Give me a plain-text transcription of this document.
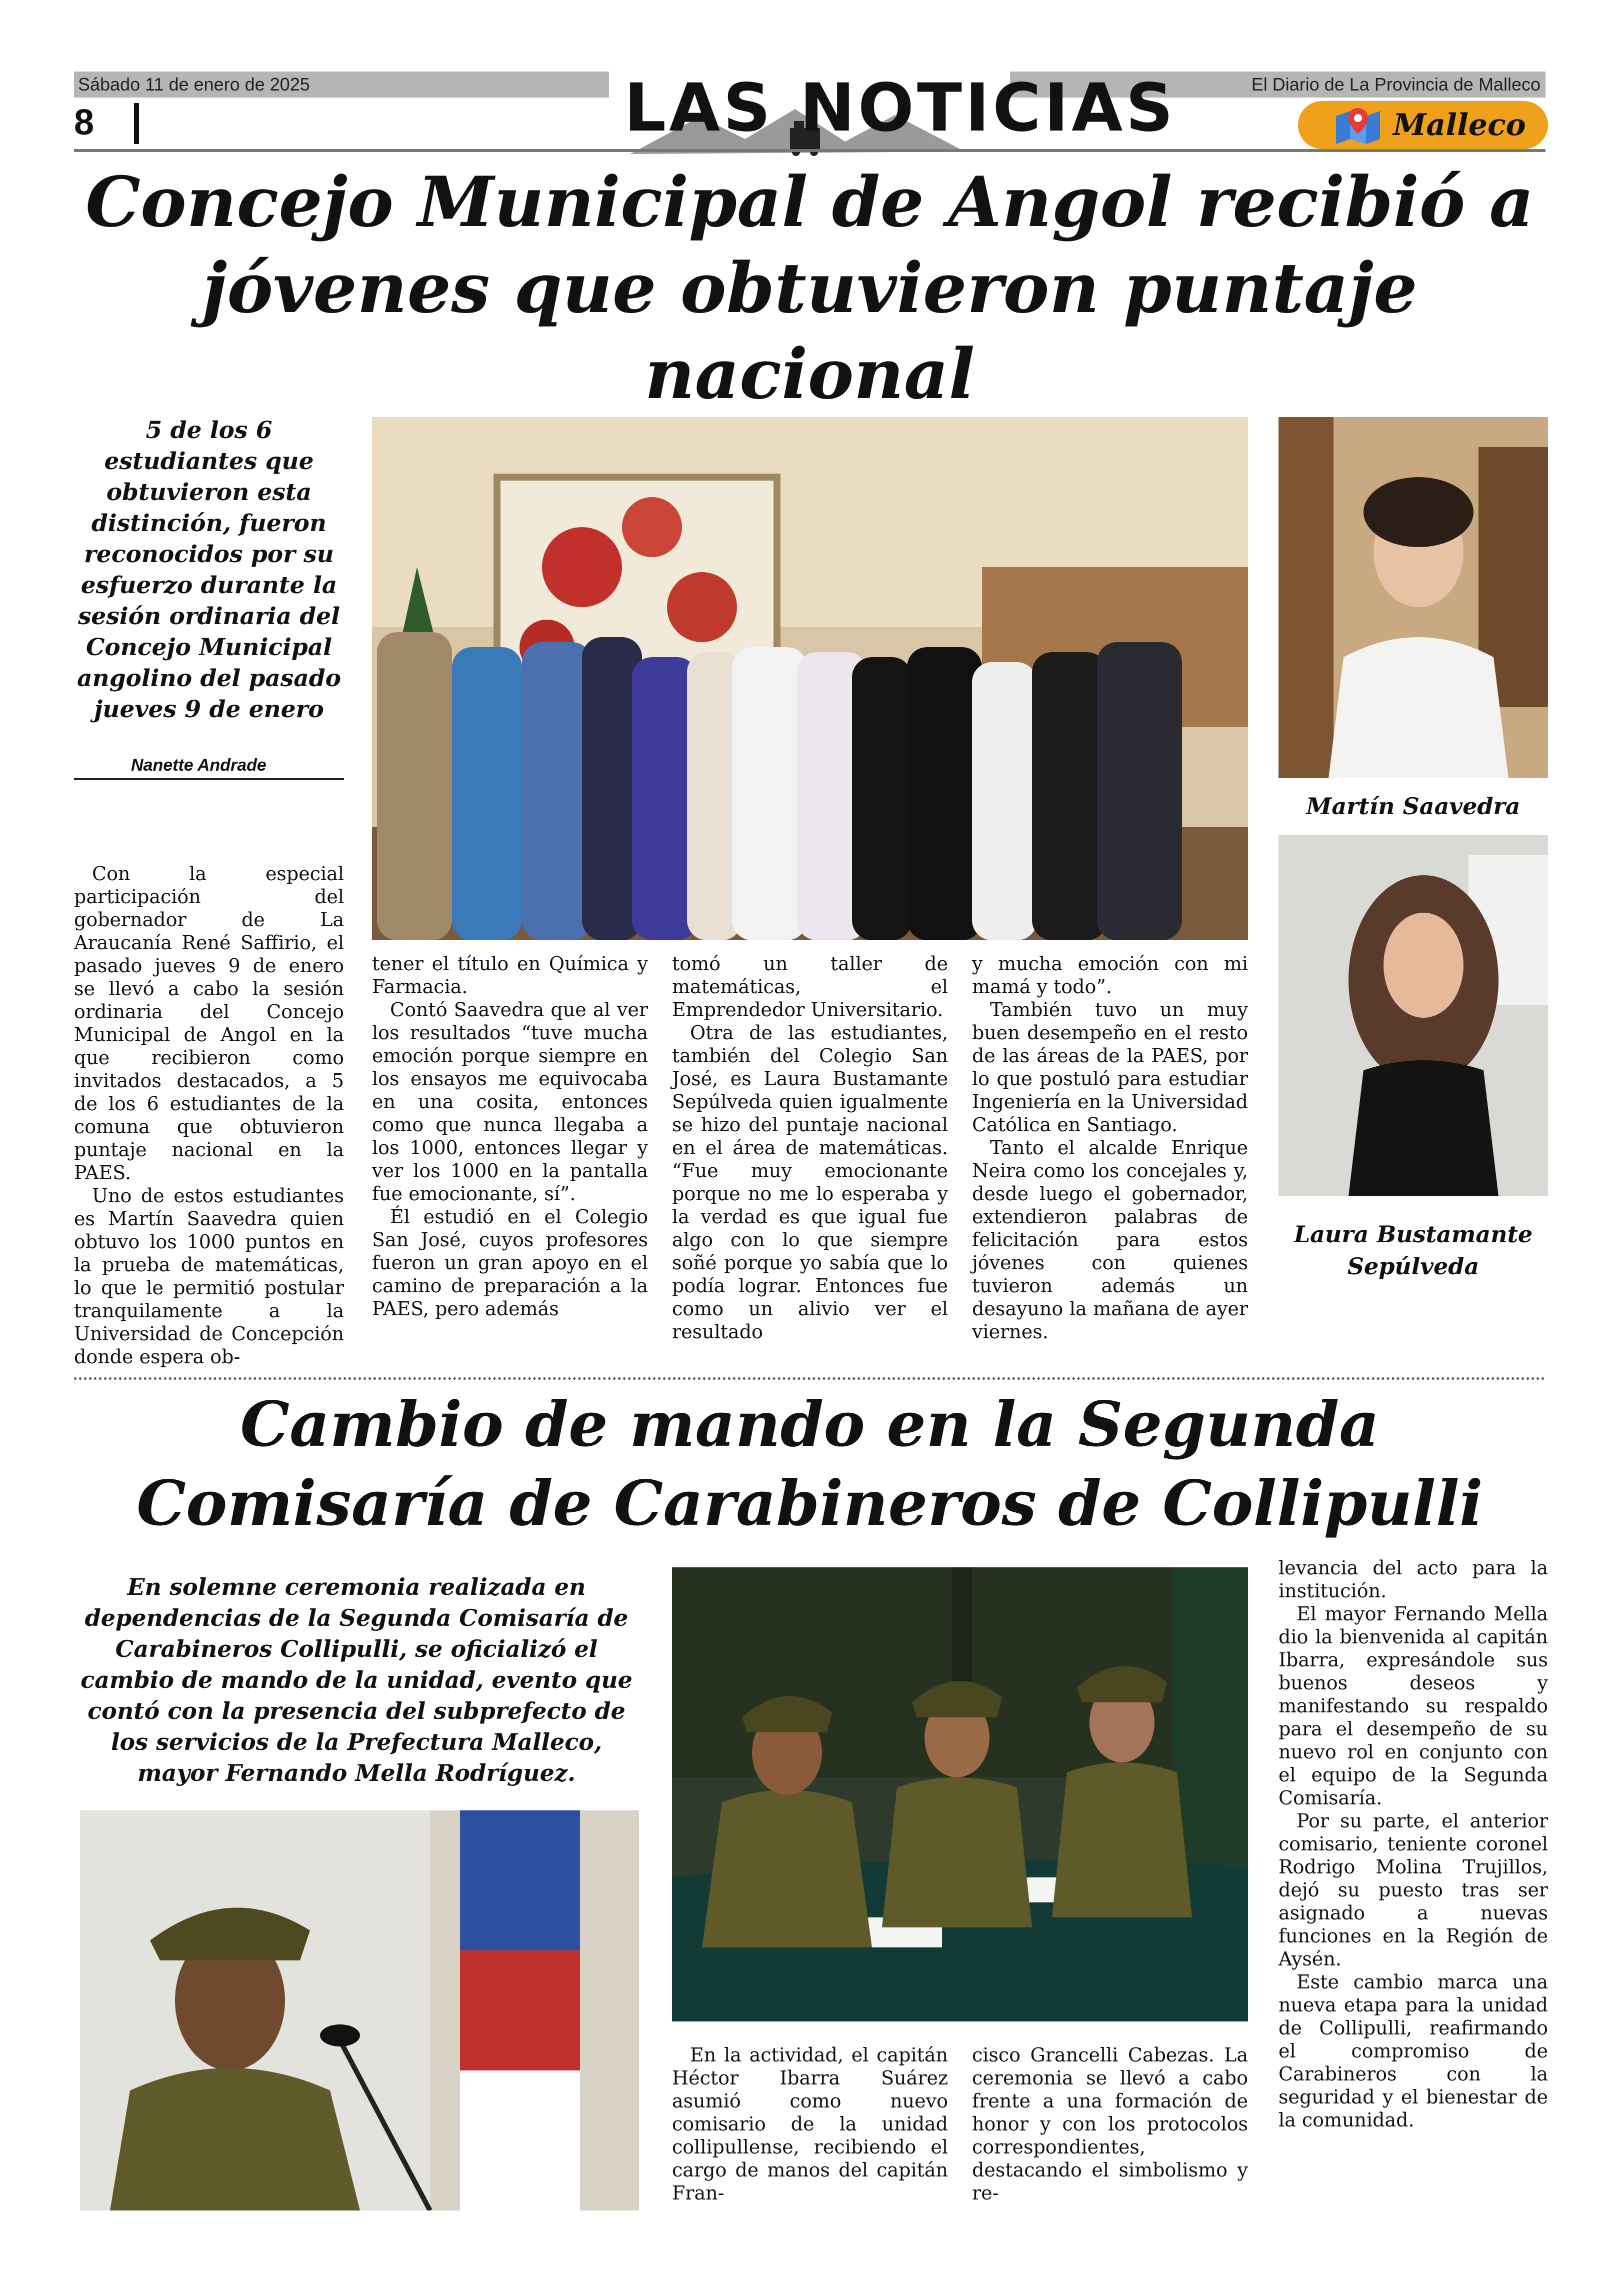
Sábado 11 de enero de 2025	El Diario de La Provincia de Malleco
8	LAS NOTICIAS	Malleco
Concejo Municipal de Angol recibió a
jóvenes que obtuvieron puntaje nacional
5 de los 6 estudiantes que obtuvieron esta distinción, fueron reconocidos por su esfuerzo durante la sesión ordinaria del Concejo Municipal angolino del pasado jueves 9 de enero
Nanette Andrade
Martín Saavedra
Laura Bustamante Sepúlveda

Con la especial participación del gobernador de La Araucanía René Saffirio, el pasado jueves 9 de enero se llevó a cabo la sesión ordinaria del Concejo Municipal de Angol en la que recibieron como invitados destacados, a 5 de los 6 estudiantes de la comuna que obtuvieron puntaje nacional en la PAES.

Uno de estos estudiantes es Martín Saavedra quien obtuvo los 1000 puntos en la prueba de matemáticas, lo que le permitió postular tranquilamente a la Universidad de Concepción donde espera ob-

tener el título en Química y Farmacia.

Contó Saavedra que al ver los resultados “tuve mucha emoción porque siempre en los ensayos me equivocaba en una cosita, entonces como que nunca llegaba a los 1000, entonces llegar y ver los 1000 en la pantalla fue emocionante, sí”.

Él estudió en el Colegio San José, cuyos profesores fueron un gran apoyo en el camino de preparación a la PAES, pero además

tomó un taller de matemáticas, el Emprendedor Universitario.

Otra de las estudiantes, también del Colegio San José, es Laura Bustamante Sepúlveda quien igualmente se hizo del puntaje nacional en el área de matemáticas. “Fue muy emocionante porque no me lo esperaba y la verdad es que igual fue algo con lo que siempre soñé porque yo sabía que lo podía lograr. Entonces fue como un alivio ver el resultado

y mucha emoción con mi mamá y todo”.

También tuvo un muy buen desempeño en el resto de las áreas de la PAES, por lo que postuló para estudiar Ingeniería en la Universidad Católica en Santiago.

Tanto el alcalde Enrique Neira como los concejales y, desde luego el gobernador, extendieron palabras de felicitación para estos jóvenes con quienes tuvieron además un desayuno la mañana de ayer viernes.

Cambio de mando en la Segunda
Comisaría de Carabineros de Collipulli
En solemne ceremonia realizada en dependencias de la Segunda Comisaría de Carabineros Collipulli, se oficializó el cambio de mando de la unidad, evento que contó con la presencia del subprefecto de los servicios de la Prefectura Malleco, mayor Fernando Mella Rodríguez.

En la actividad, el capitán Héctor Ibarra Suárez asumió como nuevo comisario de la unidad collipullense, recibiendo el cargo de manos del capitán Fran-

cisco Grancelli Cabezas. La ceremonia se llevó a cabo frente a una formación de honor y con los protocolos correspondientes, destacando el simbolismo y re-

levancia del acto para la institución.

El mayor Fernando Mella dio la bienvenida al capitán Ibarra, expresándole sus buenos deseos y manifestando su respaldo para el desempeño de su nuevo rol en conjunto con el equipo de la Segunda Comisaría.

Por su parte, el anterior comisario, teniente coronel Rodrigo Molina Trujillos, dejó su puesto tras ser asignado a nuevas funciones en la Región de Aysén.

Este cambio marca una nueva etapa para la unidad de Collipulli, reafirmando el compromiso de Carabineros con la seguridad y el bienestar de la comunidad.
